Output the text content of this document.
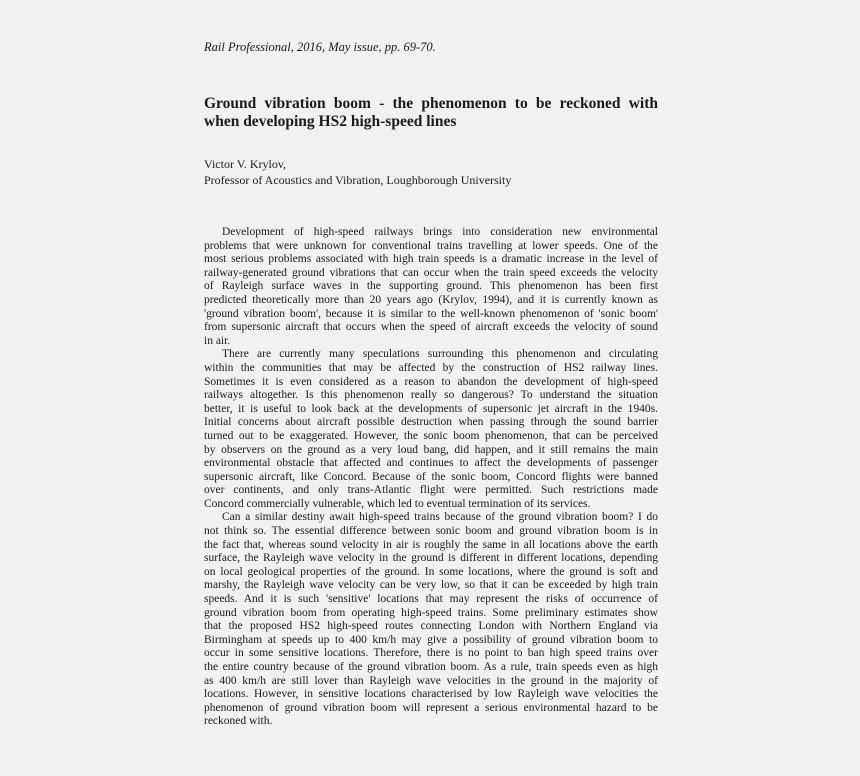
Rail Professional, 2016, May issue, pp. 69-70.
Ground vibration boom - the phenomenon to be reckoned with
when developing HS2 high-speed lines
Victor V. Krylov,
Professor of Acoustics and Vibration, Loughborough University
Development of high-speed railways brings into consideration new environmental
problems that were unknown for conventional trains travelling at lower speeds. One of the
most serious problems associated with high train speeds is a dramatic increase in the level of
railway-generated ground vibrations that can occur when the train speed exceeds the velocity
of Rayleigh surface waves in the supporting ground. This phenomenon has been first
predicted theoretically more than 20 years ago (Krylov, 1994), and it is currently known as
'ground vibration boom', because it is similar to the well-known phenomenon of 'sonic boom'
from supersonic aircraft that occurs when the speed of aircraft exceeds the velocity of sound
in air.
There are currently many speculations surrounding this phenomenon and circulating
within the communities that may be affected by the construction of HS2 railway lines.
Sometimes it is even considered as a reason to abandon the development of high-speed
railways altogether. Is this phenomenon really so dangerous? To understand the situation
better, it is useful to look back at the developments of supersonic jet aircraft in the 1940s.
Initial concerns about aircraft possible destruction when passing through the sound barrier
turned out to be exaggerated. However, the sonic boom phenomenon, that can be perceived
by observers on the ground as a very loud bang, did happen, and it still remains the main
environmental obstacle that affected and continues to affect the developments of passenger
supersonic aircraft, like Concord. Because of the sonic boom, Concord flights were banned
over continents, and only trans-Atlantic flight were permitted. Such restrictions made
Concord commercially vulnerable, which led to eventual termination of its services.
Can a similar destiny await high-speed trains because of the ground vibration boom? I do
not think so. The essential difference between sonic boom and ground vibration boom is in
the fact that, whereas sound velocity in air is roughly the same in all locations above the earth
surface, the Rayleigh wave velocity in the ground is different in different locations, depending
on local geological properties of the ground. In some locations, where the ground is soft and
marshy, the Rayleigh wave velocity can be very low, so that it can be exceeded by high train
speeds. And it is such 'sensitive' locations that may represent the risks of occurrence of
ground vibration boom from operating high-speed trains. Some preliminary estimates show
that the proposed HS2 high-speed routes connecting London with Northern England via
Birmingham at speeds up to 400 km/h may give a possibility of ground vibration boom to
occur in some sensitive locations. Therefore, there is no point to ban high speed trains over
the entire country because of the ground vibration boom. As a rule, train speeds even as high
as 400 km/h are still lover than Rayleigh wave velocities in the ground in the majority of
locations. However, in sensitive locations characterised by low Rayleigh wave velocities the
phenomenon of ground vibration boom will represent a serious environmental hazard to be
reckoned with.
